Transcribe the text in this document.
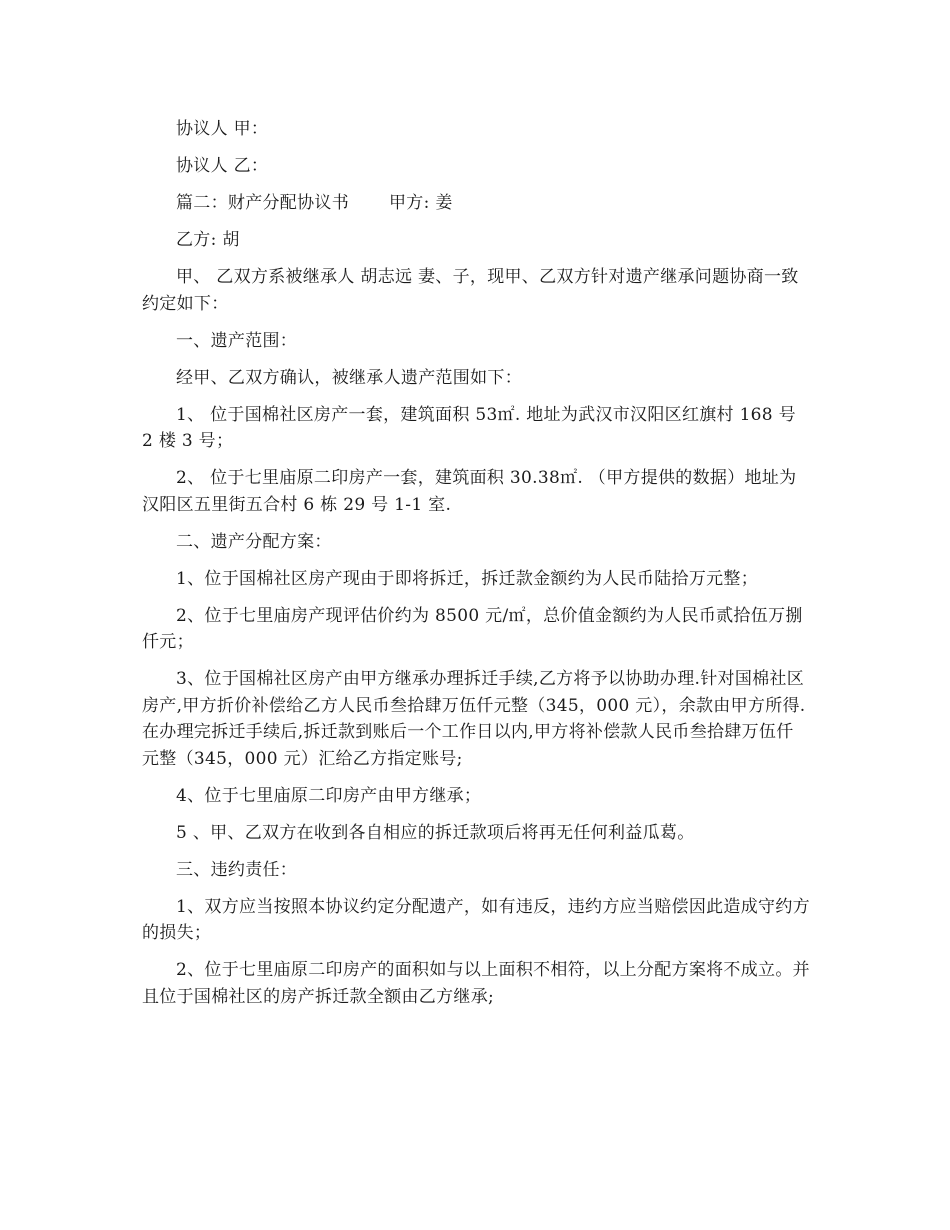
协议人 甲：

协议人 乙：

篇二：财产分配协议书 甲方: 姜

乙方: 胡

甲、 乙双方系被继承人 胡志远 妻、子，现甲、乙双方针对遗产继承问题协商一致约定如下：

一、遗产范围：

经甲、乙双方确认，被继承人遗产范围如下：

1、 位于国棉社区房产一套，建筑面积 53㎡. 地址为武汉市汉阳区红旗村 168 号 2 楼 3 号；

2、 位于七里庙原二印房产一套，建筑面积 30.38㎡. （甲方提供的数据）地址为汉阳区五里街五合村 6 栋 29 号 1-1 室.

二、遗产分配方案：

1、位于国棉社区房产现由于即将拆迁，拆迁款金额约为人民币陆拾万元整；

2、位于七里庙房产现评估价约为 8500 元/㎡，总价值金额约为人民币贰拾伍万捌仟元；

3、位于国棉社区房产由甲方继承办理拆迁手续,乙方将予以协助办理.针对国棉社区房产,甲方折价补偿给乙方人民币叁拾肆万伍仟元整（345，000 元），余款由甲方所得.在办理完拆迁手续后,拆迁款到账后一个工作日以内,甲方将补偿款人民币叁拾肆万伍仟元整（345，000 元）汇给乙方指定账号;

4、位于七里庙原二印房产由甲方继承；

5 、甲、乙双方在收到各自相应的拆迁款项后将再无任何利益瓜葛。

三、违约责任：

1、双方应当按照本协议约定分配遗产，如有违反，违约方应当赔偿因此造成守约方的损失；

2、位于七里庙原二印房产的面积如与以上面积不相符，以上分配方案将不成立。并且位于国棉社区的房产拆迁款全额由乙方继承;
